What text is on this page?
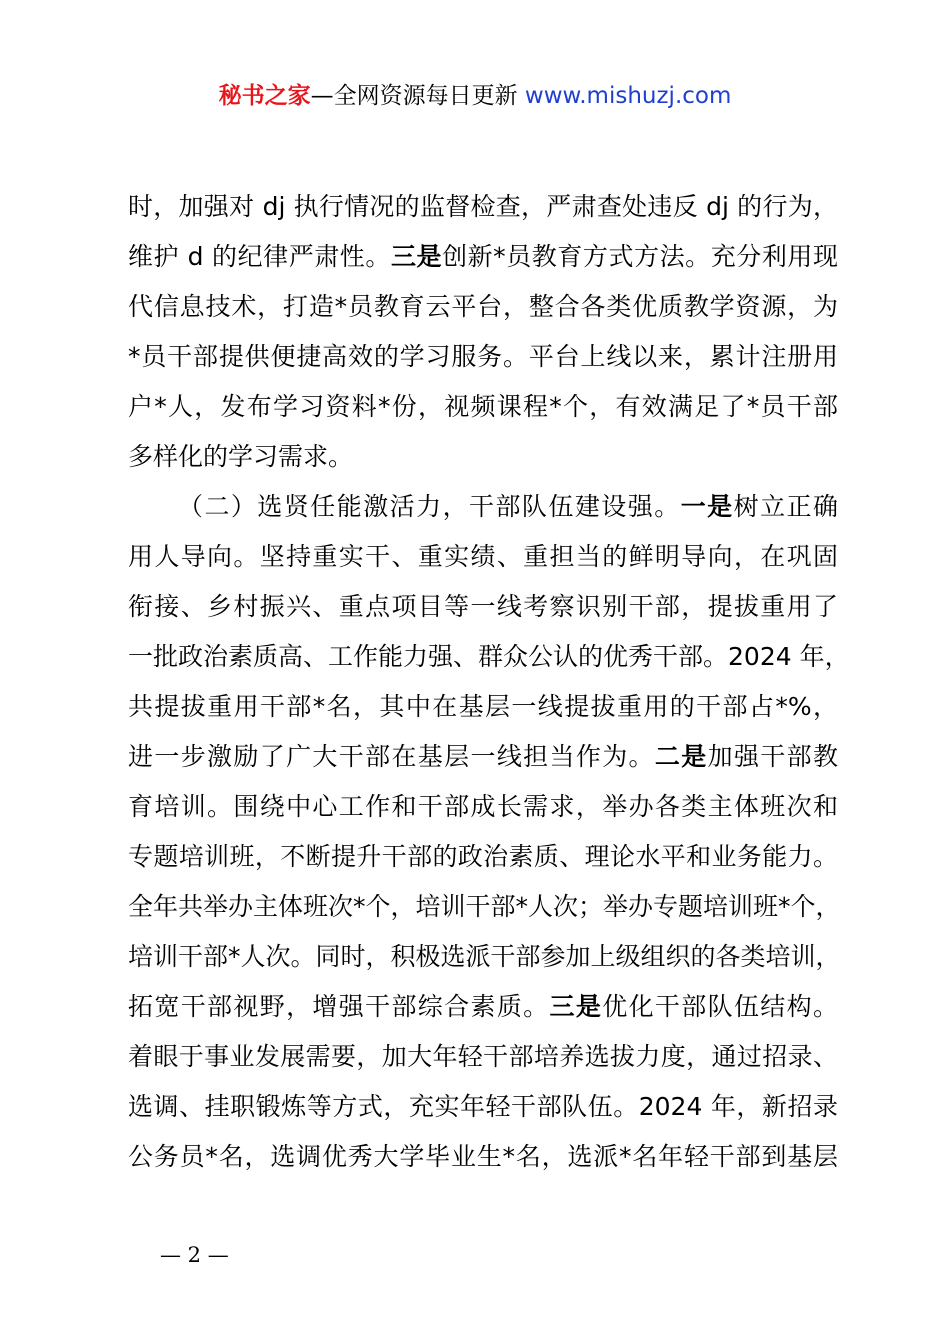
秘书之家—全网资源每日更新 www.mishuzj.com
时，加强对 dj 执行情况的监督检查，严肃查处违反 dj 的行为，
维护 d 的纪律严肃性。三是创新*员教育方式方法。充分利用现
代信息技术，打造*员教育云平台，整合各类优质教学资源，为
*员干部提供便捷高效的学习服务。平台上线以来，累计注册用
户*人，发布学习资料*份，视频课程*个，有效满足了*员干部
多样化的学习需求。
（二）选贤任能激活力，干部队伍建设强。一是树立正确
用人导向。坚持重实干、重实绩、重担当的鲜明导向，在巩固
衔接、乡村振兴、重点项目等一线考察识别干部，提拔重用了
一批政治素质高、工作能力强、群众公认的优秀干部。2024 年，
共提拔重用干部*名，其中在基层一线提拔重用的干部占*%，
进一步激励了广大干部在基层一线担当作为。二是加强干部教
育培训。围绕中心工作和干部成长需求，举办各类主体班次和
专题培训班，不断提升干部的政治素质、理论水平和业务能力。
全年共举办主体班次*个，培训干部*人次；举办专题培训班*个，
培训干部*人次。同时，积极选派干部参加上级组织的各类培训，
拓宽干部视野，增强干部综合素质。三是优化干部队伍结构。
着眼于事业发展需要，加大年轻干部培养选拔力度，通过招录、
选调、挂职锻炼等方式，充实年轻干部队伍。2024 年，新招录
公务员*名，选调优秀大学毕业生*名，选派*名年轻干部到基层
— 2 —
